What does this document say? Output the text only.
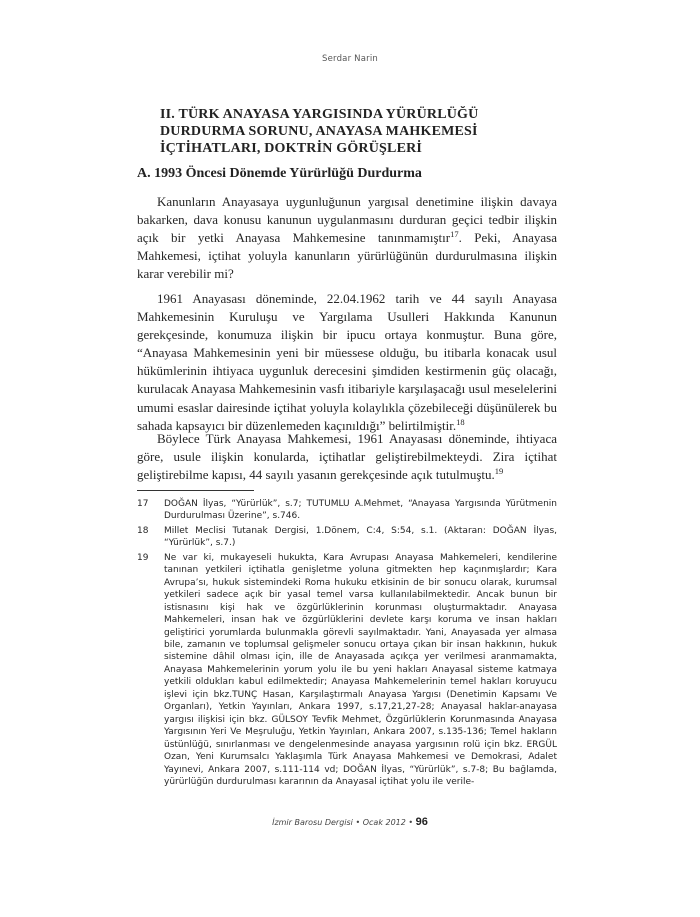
Serdar Narin
II. TÜRK ANAYASA YARGISINDA YÜRÜRLÜĞÜ DURDURMA SORUNU, ANAYASA MAHKEMESİ İÇTİHATLARI, DOKTRİN GÖRÜŞLERİ
A. 1993 Öncesi Dönemde Yürürlüğü Durdurma

Kanunların Anayasaya uygunluğunun yargısal denetimine ilişkin davaya bakarken, dava konusu kanunun uygulanmasını durduran geçici tedbir ilişkin açık bir yetki Anayasa Mahkemesine tanınmamıştır$^{17}$. Peki, Anayasa Mahkemesi, içtihat yoluyla kanunların yürürlüğünün durdurulmasına ilişkin karar verebilir mi?

1961 Anayasası döneminde, 22.04.1962 tarih ve 44 sayılı Anayasa Mahkemesinin Kuruluşu ve Yargılama Usulleri Hakkında Kanunun gerekçesinde, konumuza ilişkin bir ipucu ortaya konmuştur. Buna göre, “Anayasa Mahkemesinin yeni bir müessese olduğu, bu itibarla konacak usul hükümlerinin ihtiyaca uygunluk derecesini şimdiden kestirmenin güç olacağı, kurulacak Anayasa Mahkemesinin vasfı itibariyle karşılaşacağı usul meselelerini umumi esaslar dairesinde içtihat yoluyla kolaylıkla çözebileceği düşünülerek bu sahada kapsayıcı bir düzenlemeden kaçınıldığı” belirtilmiştir.$^{18}$

Böylece Türk Anayasa Mahkemesi, 1961 Anayasası döneminde, ihtiyaca göre, usule ilişkin konularda, içtihatlar geliştirebilmekteydi. Zira içtihat geliştirebilme kapısı, 44 sayılı yasanın gerekçesinde açık tutulmuştu.$^{19}$

17	DOĞAN İlyas, “Yürürlük”, s.7; TUTUMLU A.Mehmet, “Anayasa Yargısında Yürütmenin Durdurulması Üzerine”, s.746.
18	Millet Meclisi Tutanak Dergisi, 1.Dönem, C:4, S:54, s.1. (Aktaran: DOĞAN İlyas, “Yürürlük”, s.7.)
19	Ne var ki, mukayeseli hukukta, Kara Avrupası Anayasa Mahkemeleri, kendilerine tanınan yetkileri içtihatla genişletme yoluna gitmekten hep kaçınmışlardır; Kara Avrupa’sı, hukuk sistemindeki Roma hukuku etkisinin de bir sonucu olarak, kurumsal yetkileri sadece açık bir yasal temel varsa kullanılabilmektedir. Ancak bunun bir istisnasını kişi hak ve özgürlüklerinin korunması oluşturmaktadır. Anayasa Mahkemeleri, insan hak ve özgürlüklerini devlete karşı koruma ve insan hakları geliştirici yorumlarda bulunmakla görevli sayılmaktadır. Yani, Anayasada yer almasa bile, zamanın ve toplumsal gelişmeler sonucu ortaya çıkan bir insan hakkının, hukuk sistemine dâhil olması için, ille de Anayasada açıkça yer verilmesi aranmamakta, Anayasa Mahkemelerinin yorum yolu ile bu yeni hakları Anayasal sisteme katmaya yetkili oldukları kabul edilmektedir; Anayasa Mahkemelerinin temel hakları koruyucu işlevi için bkz.TUNÇ Hasan, Karşılaştırmalı Anayasa Yargısı (Denetimin Kapsamı Ve Organları), Yetkin Yayınları, Ankara 1997, s.17,21,27-28; Anayasal haklar-anayasa yargısı ilişkisi için bkz. GÜLSOY Tevfik Mehmet, Özgürlüklerin Korunmasında Anayasa Yargısının Yeri Ve Meşruluğu, Yetkin Yayınları, Ankara 2007, s.135-136; Temel hakların üstünlüğü, sınırlanması ve dengelenmesinde anayasa yargısının rolü için bkz. ERGÜL Ozan, Yeni Kurumsalcı Yaklaşımla Türk Anayasa Mahkemesi ve Demokrasi, Adalet Yayınevi, Ankara 2007, s.111-114 vd; DOĞAN İlyas, “Yürürlük”, s.7-8; Bu bağlamda, yürürlüğün durdurulması kararının da Anayasal içtihat yolu ile verile-
İzmir Barosu Dergisi • Ocak 2012 • 96
